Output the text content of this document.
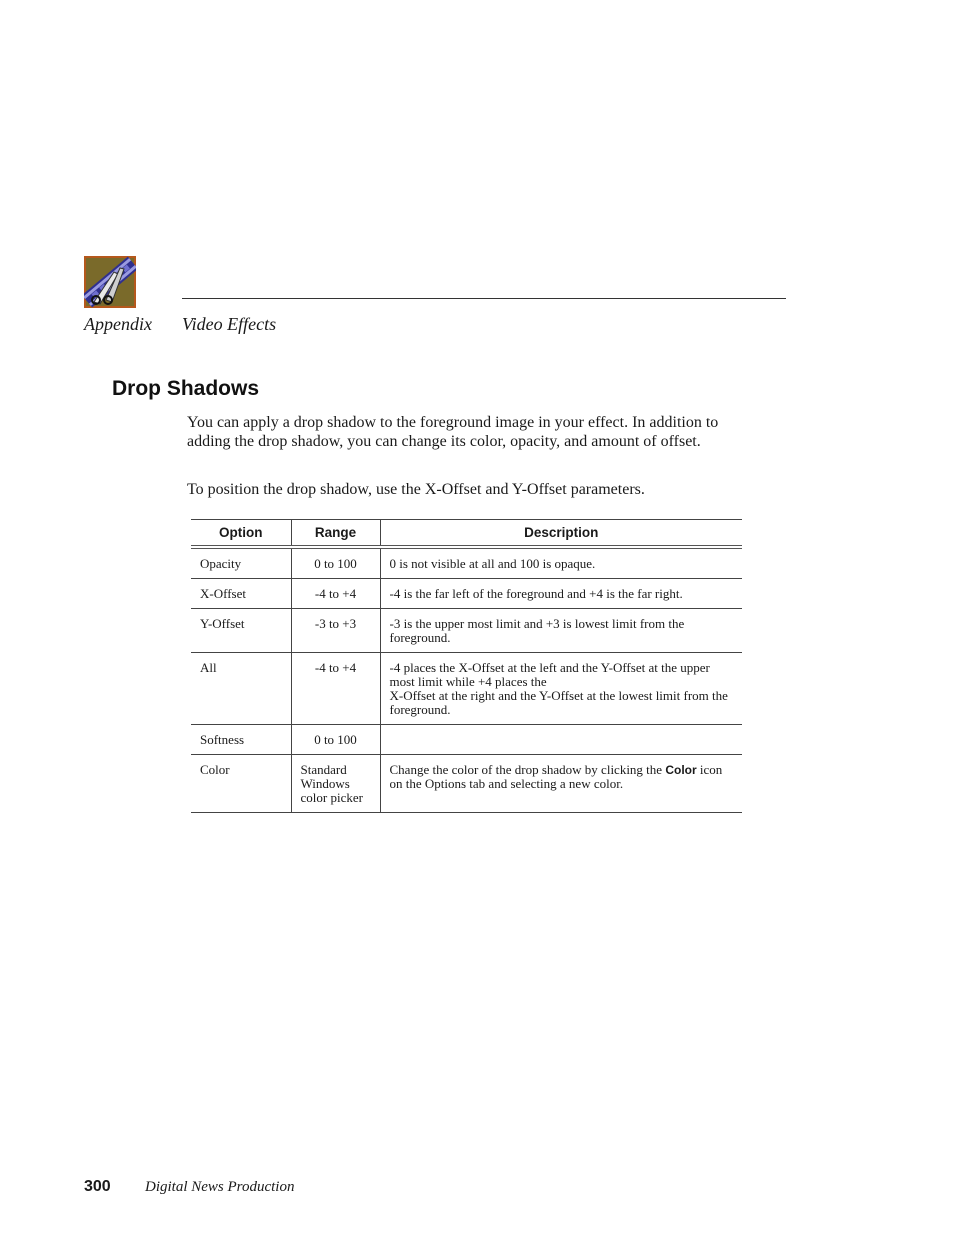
Appendix Video Effects
Drop Shadows

You can apply a drop shadow to the foreground image in your effect. In addition to adding the drop shadow, you can change its color, opacity, and amount of offset.

To position the drop shadow, use the X-Offset and Y-Offset parameters.

Option	Range	Description
Opacity	0 to 100	0 is not visible at all and 100 is opaque.
X-Offset	-4 to +4	-4 is the far left of the foreground and +4 is the far right.
Y-Offset	-3 to +3	-3 is the upper most limit and +3 is lowest limit from the foreground.
All	-4 to +4	-4 places the X-Offset at the left and the Y-Offset at the upper most limit while +4 places the
X-Offset at the right and the Y-Offset at the lowest limit from the foreground.
Softness	0 to 100	
Color	Standard
Windows
color picker	Change the color of the drop shadow by clicking the Color icon on the Options tab and selecting a new color.
300 Digital News Production
